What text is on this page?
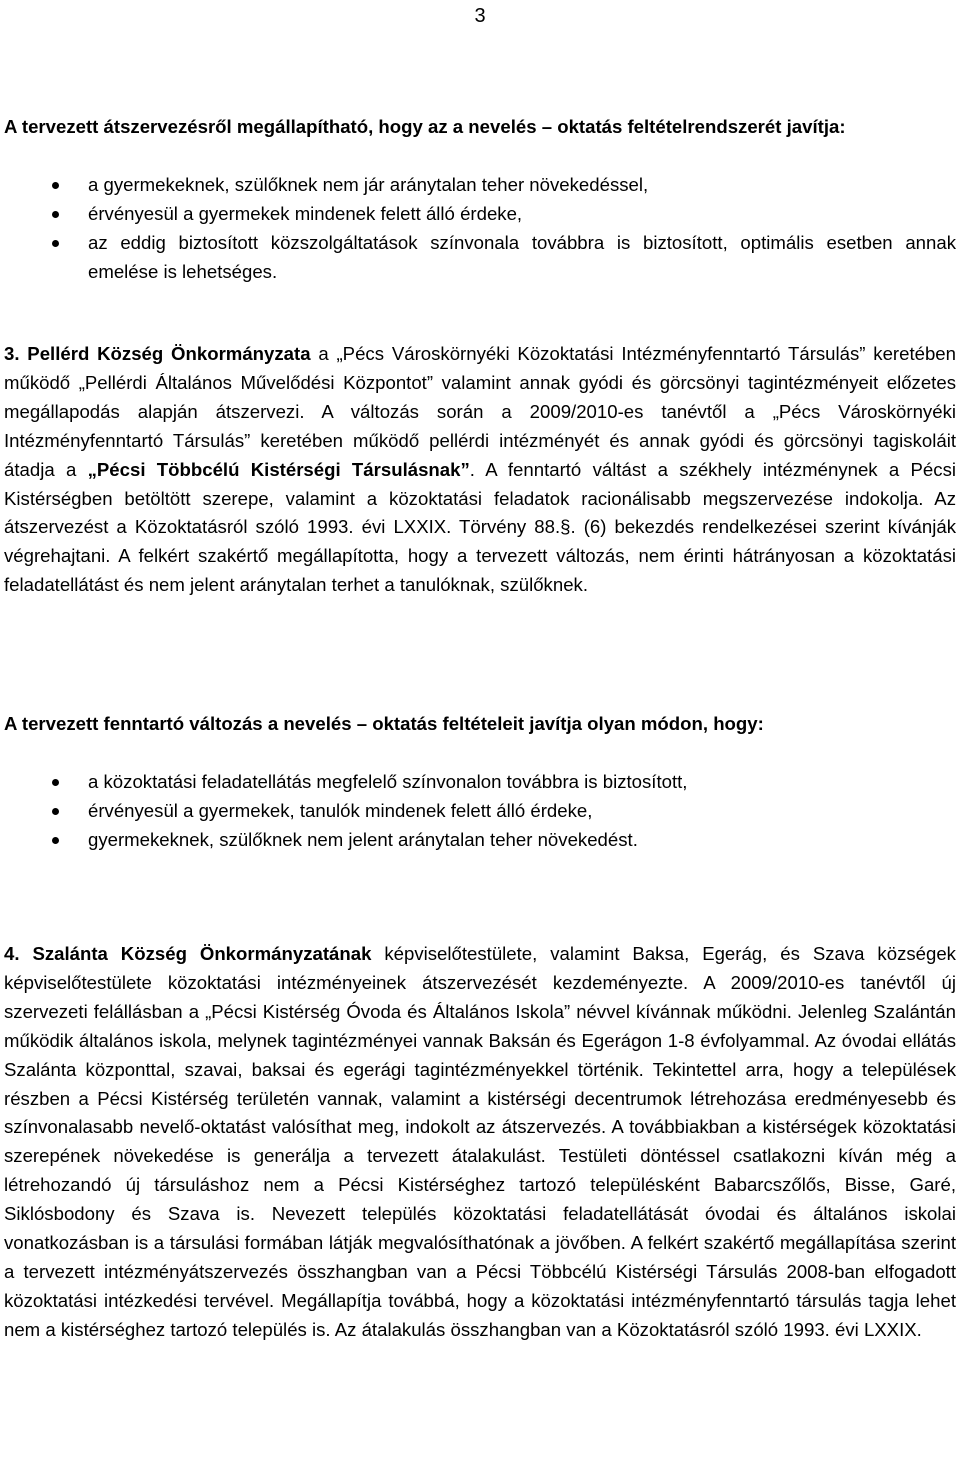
3

A tervezett átszervezésről megállapítható, hogy az a nevelés – oktatás feltételrendszerét javítja:

a gyermekeknek, szülőknek nem jár aránytalan teher növekedéssel,
érvényesül a gyermekek mindenek felett álló érdeke,
az eddig biztosított közszolgáltatások színvonala továbbra is biztosított, optimális esetben annak emelése is lehetséges.

3. Pellérd Község Önkormányzata a „Pécs Városkörnyéki Közoktatási Intézményfenntartó Társulás” keretében működő „Pellérdi Általános Művelődési Központot” valamint annak gyódi és görcsönyi tagintézményeit előzetes megállapodás alapján átszervezi. A változás során a 2009/2010-es tanévtől a „Pécs Városkörnyéki Intézményfenntartó Társulás” keretében működő pellérdi intézményét és annak gyódi és görcsönyi tagiskoláit átadja a „Pécsi Többcélú Kistérségi Társulásnak”. A fenntartó váltást a székhely intézménynek a Pécsi Kistérségben betöltött szerepe, valamint a közoktatási feladatok racionálisabb megszervezése indokolja. Az átszervezést a Közoktatásról szóló 1993. évi LXXIX. Törvény 88.§. (6) bekezdés rendelkezései szerint kívánják végrehajtani. A felkért szakértő megállapította, hogy a tervezett változás, nem érinti hátrányosan a közoktatási feladatellátást és nem jelent aránytalan terhet a tanulóknak, szülőknek.

A tervezett fenntartó változás a nevelés – oktatás feltételeit javítja olyan módon, hogy:

a közoktatási feladatellátás megfelelő színvonalon továbbra is biztosított,
érvényesül a gyermekek, tanulók mindenek felett álló érdeke,
gyermekeknek, szülőknek nem jelent aránytalan teher növekedést.

4. Szalánta Község Önkormányzatának képviselőtestülete, valamint Baksa, Egerág, és Szava községek képviselőtestülete közoktatási intézményeinek átszervezését kezdeményezte. A 2009/2010-es tanévtől új szervezeti felállásban a „Pécsi Kistérség Óvoda és Általános Iskola” névvel kívánnak működni. Jelenleg Szalántán működik általános iskola, melynek tagintézményei vannak Baksán és Egerágon 1-8 évfolyammal. Az óvodai ellátás Szalánta központtal, szavai, baksai és egerági tagintézményekkel történik. Tekintettel arra, hogy a települések részben a Pécsi Kistérség területén vannak, valamint a kistérségi decentrumok létrehozása eredményesebb és színvonalasabb nevelő-oktatást valósíthat meg, indokolt az átszervezés. A továbbiakban a kistérségek közoktatási szerepének növekedése is generálja a tervezett átalakulást. Testületi döntéssel csatlakozni kíván még a létrehozandó új társuláshoz nem a Pécsi Kistérséghez tartozó településként Babarcszőlős, Bisse, Garé, Siklósbodony és Szava is. Nevezett település közoktatási feladatellátását óvodai és általános iskolai vonatkozásban is a társulási formában látják megvalósíthatónak a jövőben. A felkért szakértő megállapítása szerint a tervezett intézményátszervezés összhangban van a Pécsi Többcélú Kistérségi Társulás 2008-ban elfogadott közoktatási intézkedési tervével. Megállapítja továbbá, hogy a közoktatási intézményfenntartó társulás tagja lehet nem a kistérséghez tartozó település is. Az átalakulás összhangban van a Közoktatásról szóló 1993. évi LXXIX.
